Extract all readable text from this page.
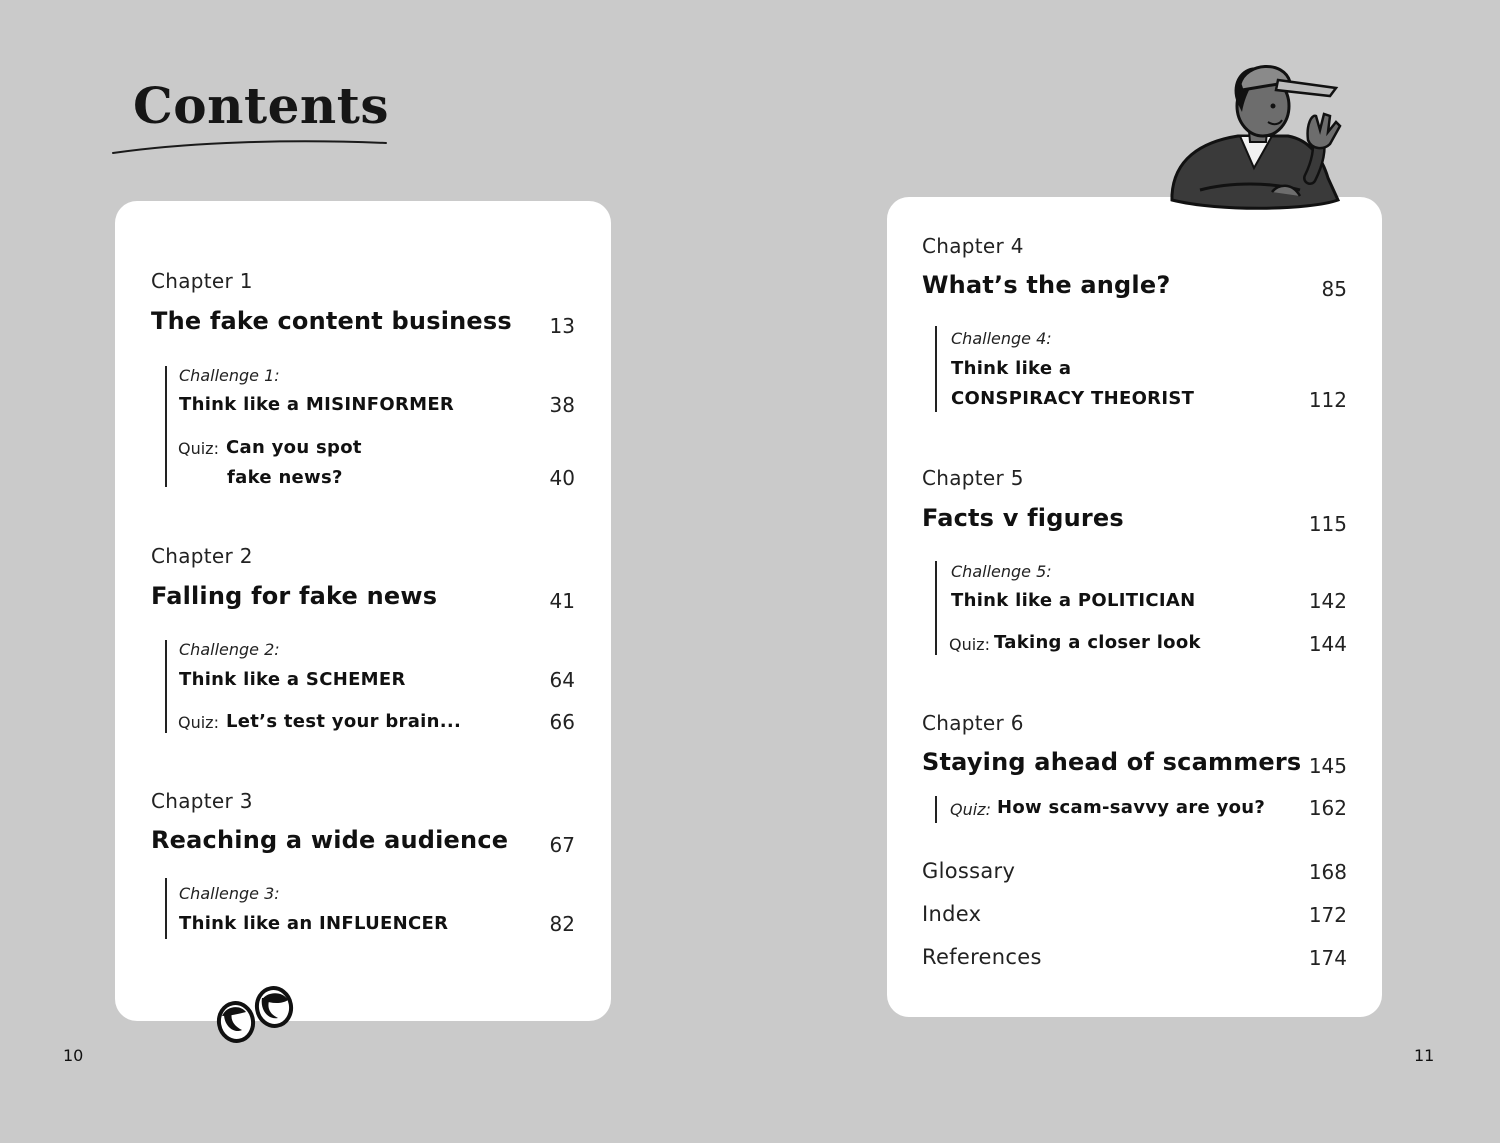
Contents
Chapter 1
The fake content business	13
Challenge 1:
Think like a MISINFORMER	38
Quiz: Can you spot
fake news?	40
Chapter 2
Falling for fake news	41
Challenge 2:
Think like a SCHEMER	64
Quiz: Let’s test your brain...	66
Chapter 3
Reaching a wide audience	67
Challenge 3:
Think like an INFLUENCER	82
Chapter 4
What’s the angle?	85
Challenge 4:
Think like a
CONSPIRACY THEORIST	112
Chapter 5
Facts v figures	115
Challenge 5:
Think like a POLITICIAN	142
Quiz: Taking a closer look	144
Chapter 6
Staying ahead of scammers 145
Quiz: How scam-savvy are you?	162
Glossary	168
Index	172
References	174
10	11
